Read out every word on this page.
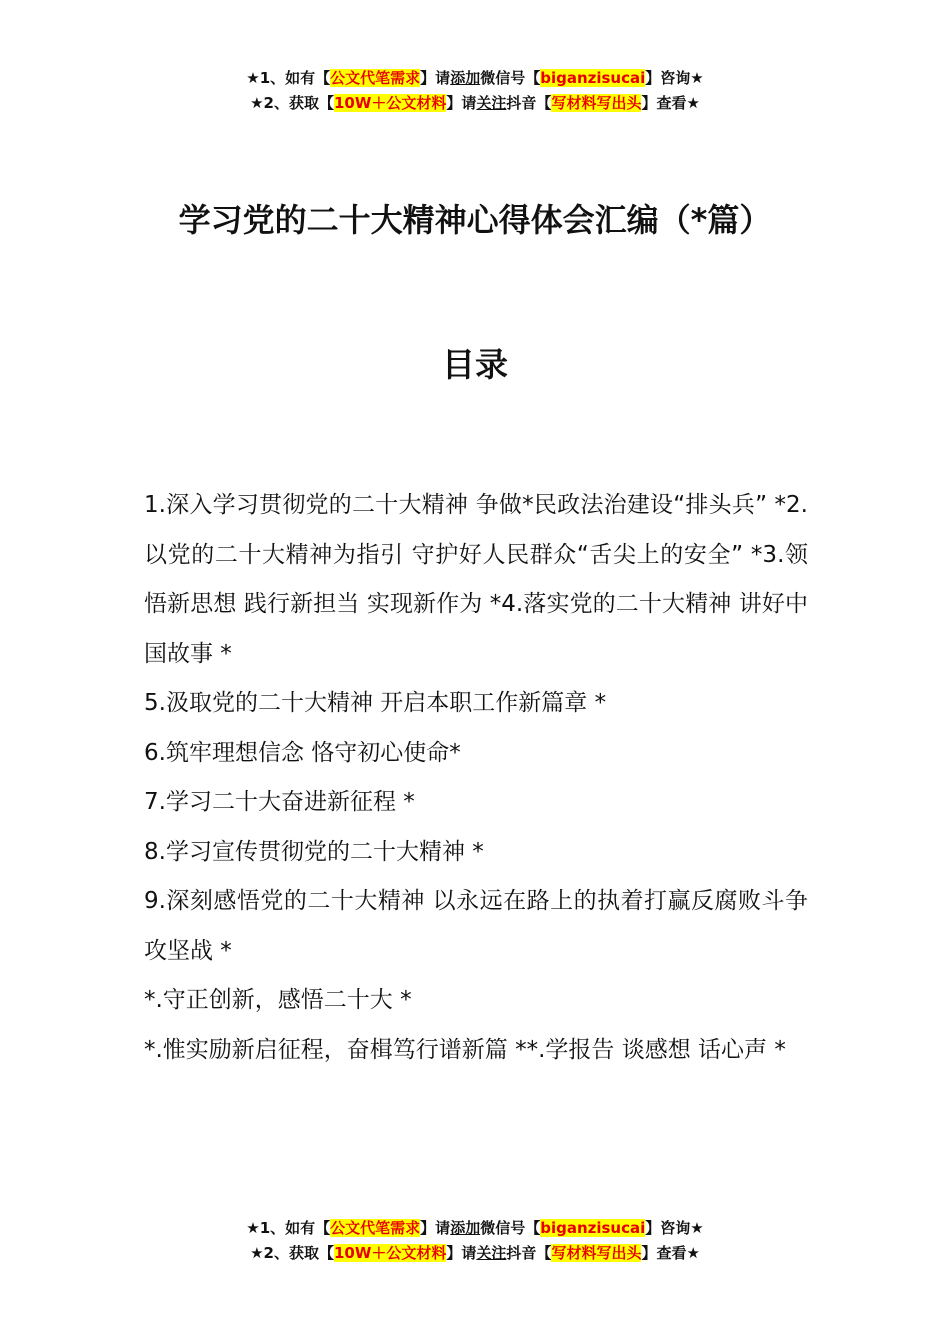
★1、如有【公文代笔需求】请添加微信号【biganzisucai】咨询★
★2、获取【10W＋公文材料】请关注抖音【写材料写出头】查看★
学习党的二十大精神心得体会汇编（*篇）
目录

1.深入学习贯彻党的二十大精神 争做*民政法治建设“排头兵” *2.以党的二十大精神为指引 守护好人民群众“舌尖上的安全” *3.领悟新思想 践行新担当 实现新作为 *4.落实党的二十大精神 讲好中国故事 *

5.汲取党的二十大精神 开启本职工作新篇章 *

6.筑牢理想信念 恪守初心使命*

7.学习二十大奋进新征程 *

8.学习宣传贯彻党的二十大精神 *

9.深刻感悟党的二十大精神 以永远在路上的执着打赢反腐败斗争攻坚战 *

*.守正创新，感悟二十大 *

*.惟实励新启征程，奋楫笃行谱新篇 **.学报告 谈感想 话心声 *

★1、如有【公文代笔需求】请添加微信号【biganzisucai】咨询★
★2、获取【10W＋公文材料】请关注抖音【写材料写出头】查看★
